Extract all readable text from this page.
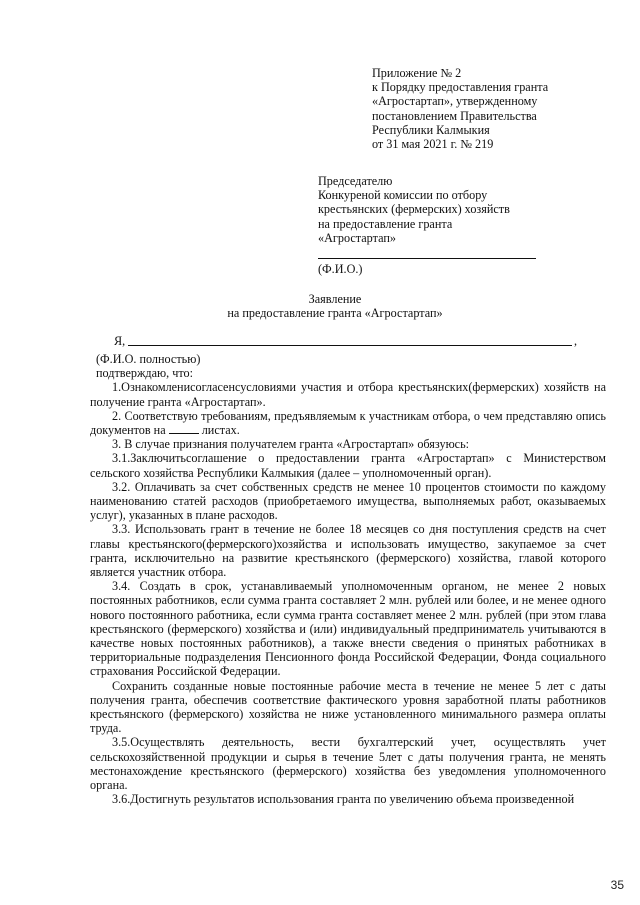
Приложение № 2
к Порядку предоставления гранта
«Агростартап», утвержденному
постановлением Правительства
Республики Калмыкия
от 31 мая 2021 г. № 219
Председателю
Конкуреной комиссии по отбору
крестьянских (фермерских) хозяйств
на предоставление гранта
«Агростартап»
(Ф.И.О.)
Заявление
на предоставление гранта «Агростартап»
Я,	,
(Ф.И.О. полностью)
подтверждаю, что:
1.Ознакомленисогласенсусловиями участия и отбора крестьянских(фермерских) хозяйств на получение гранта «Агростартап».
2. Соответствую требованиям, предъявляемым к участникам отбора, о чем представляю опись документов на	листах.
3. В случае признания получателем гранта «Агростартап» обязуюсь:
3.1.Заключитьсоглашение о предоставлении гранта «Агростартап» с Министерством сельского хозяйства Республики Калмыкия (далее – уполномоченный орган).
3.2. Оплачивать за счет собственных средств не менее 10 процентов стоимости по каждому наименованию статей расходов (приобретаемого имущества, выполняемых работ, оказываемых услуг), указанных в плане расходов.
3.3. Использовать грант в течение не более 18 месяцев со дня поступления средств на счет главы крестьянского(фермерского)хозяйства и использовать имущество, закупаемое за счет гранта, исключительно на развитие крестьянского (фермерского) хозяйства, главой которого является участник отбора.
3.4. Создать в срок, устанавливаемый уполномоченным органом, не менее 2 новых постоянных работников, если сумма гранта составляет 2 млн. рублей или более, и не менее одного нового постоянного работника, если сумма гранта составляет менее 2 млн. рублей (при этом глава крестьянского (фермерского) хозяйства и (или) индивидуальный предприниматель учитываются в качестве новых постоянных работников), а также внести сведения о принятых работниках в территориальные подразделения Пенсионного фонда Российской Федерации, Фонда социального страхования Российской Федерации.
Сохранить созданные новые постоянные рабочие места в течение не менее 5 лет с даты получения гранта, обеспечив соответствие фактического уровня заработной платы работников крестьянского (фермерского) хозяйства не ниже установленного минимального размера оплаты труда.
3.5.Осуществлять деятельность, вести бухгалтерский учет, осуществлять учет сельскохозяйственной продукции и сырья в течение 5лет с даты получения гранта, не менять местонахождение крестьянского (фермерского) хозяйства без уведомления уполномоченного органа.
3.6.Достигнуть результатов использования гранта по увеличению объема произведенной
35
